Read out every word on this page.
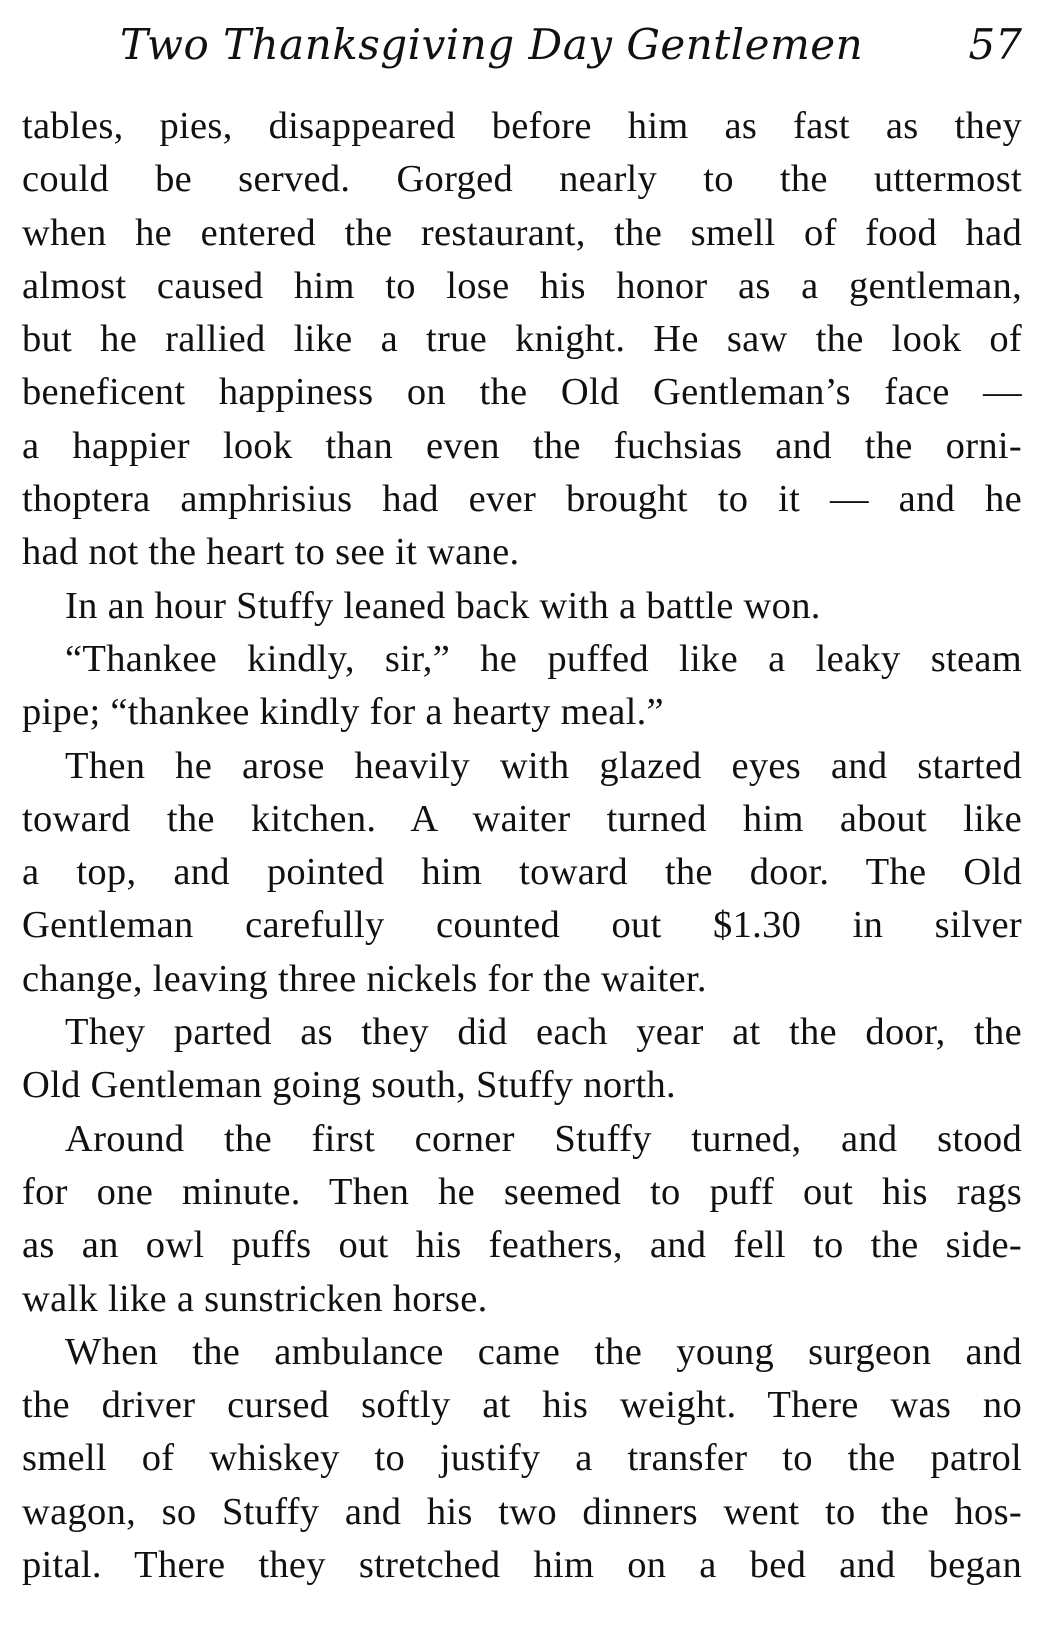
Two Thanksgiving Day Gentlemen	57
tables, pies, disappeared before him as fast as they
could be served. Gorged nearly to the uttermost
when he entered the restaurant, the smell of food had
almost caused him to lose his honor as a gentleman,
but he rallied like a true knight. He saw the look of
beneficent happiness on the Old Gentleman’s face —
a happier look than even the fuchsias and the orni-
thoptera amphrisius had ever brought to it — and he
had not the heart to see it wane.
In an hour Stuffy leaned back with a battle won.
“Thankee kindly, sir,” he puffed like a leaky steam
pipe; “thankee kindly for a hearty meal.”
Then he arose heavily with glazed eyes and started
toward the kitchen. A waiter turned him about like
a top, and pointed him toward the door. The Old
Gentleman carefully counted out $1.30 in silver
change, leaving three nickels for the waiter.
They parted as they did each year at the door, the
Old Gentleman going south, Stuffy north.
Around the first corner Stuffy turned, and stood
for one minute. Then he seemed to puff out his rags
as an owl puffs out his feathers, and fell to the side-
walk like a sunstricken horse.
When the ambulance came the young surgeon and
the driver cursed softly at his weight. There was no
smell of whiskey to justify a transfer to the patrol
wagon, so Stuffy and his two dinners went to the hos-
pital. There they stretched him on a bed and began
